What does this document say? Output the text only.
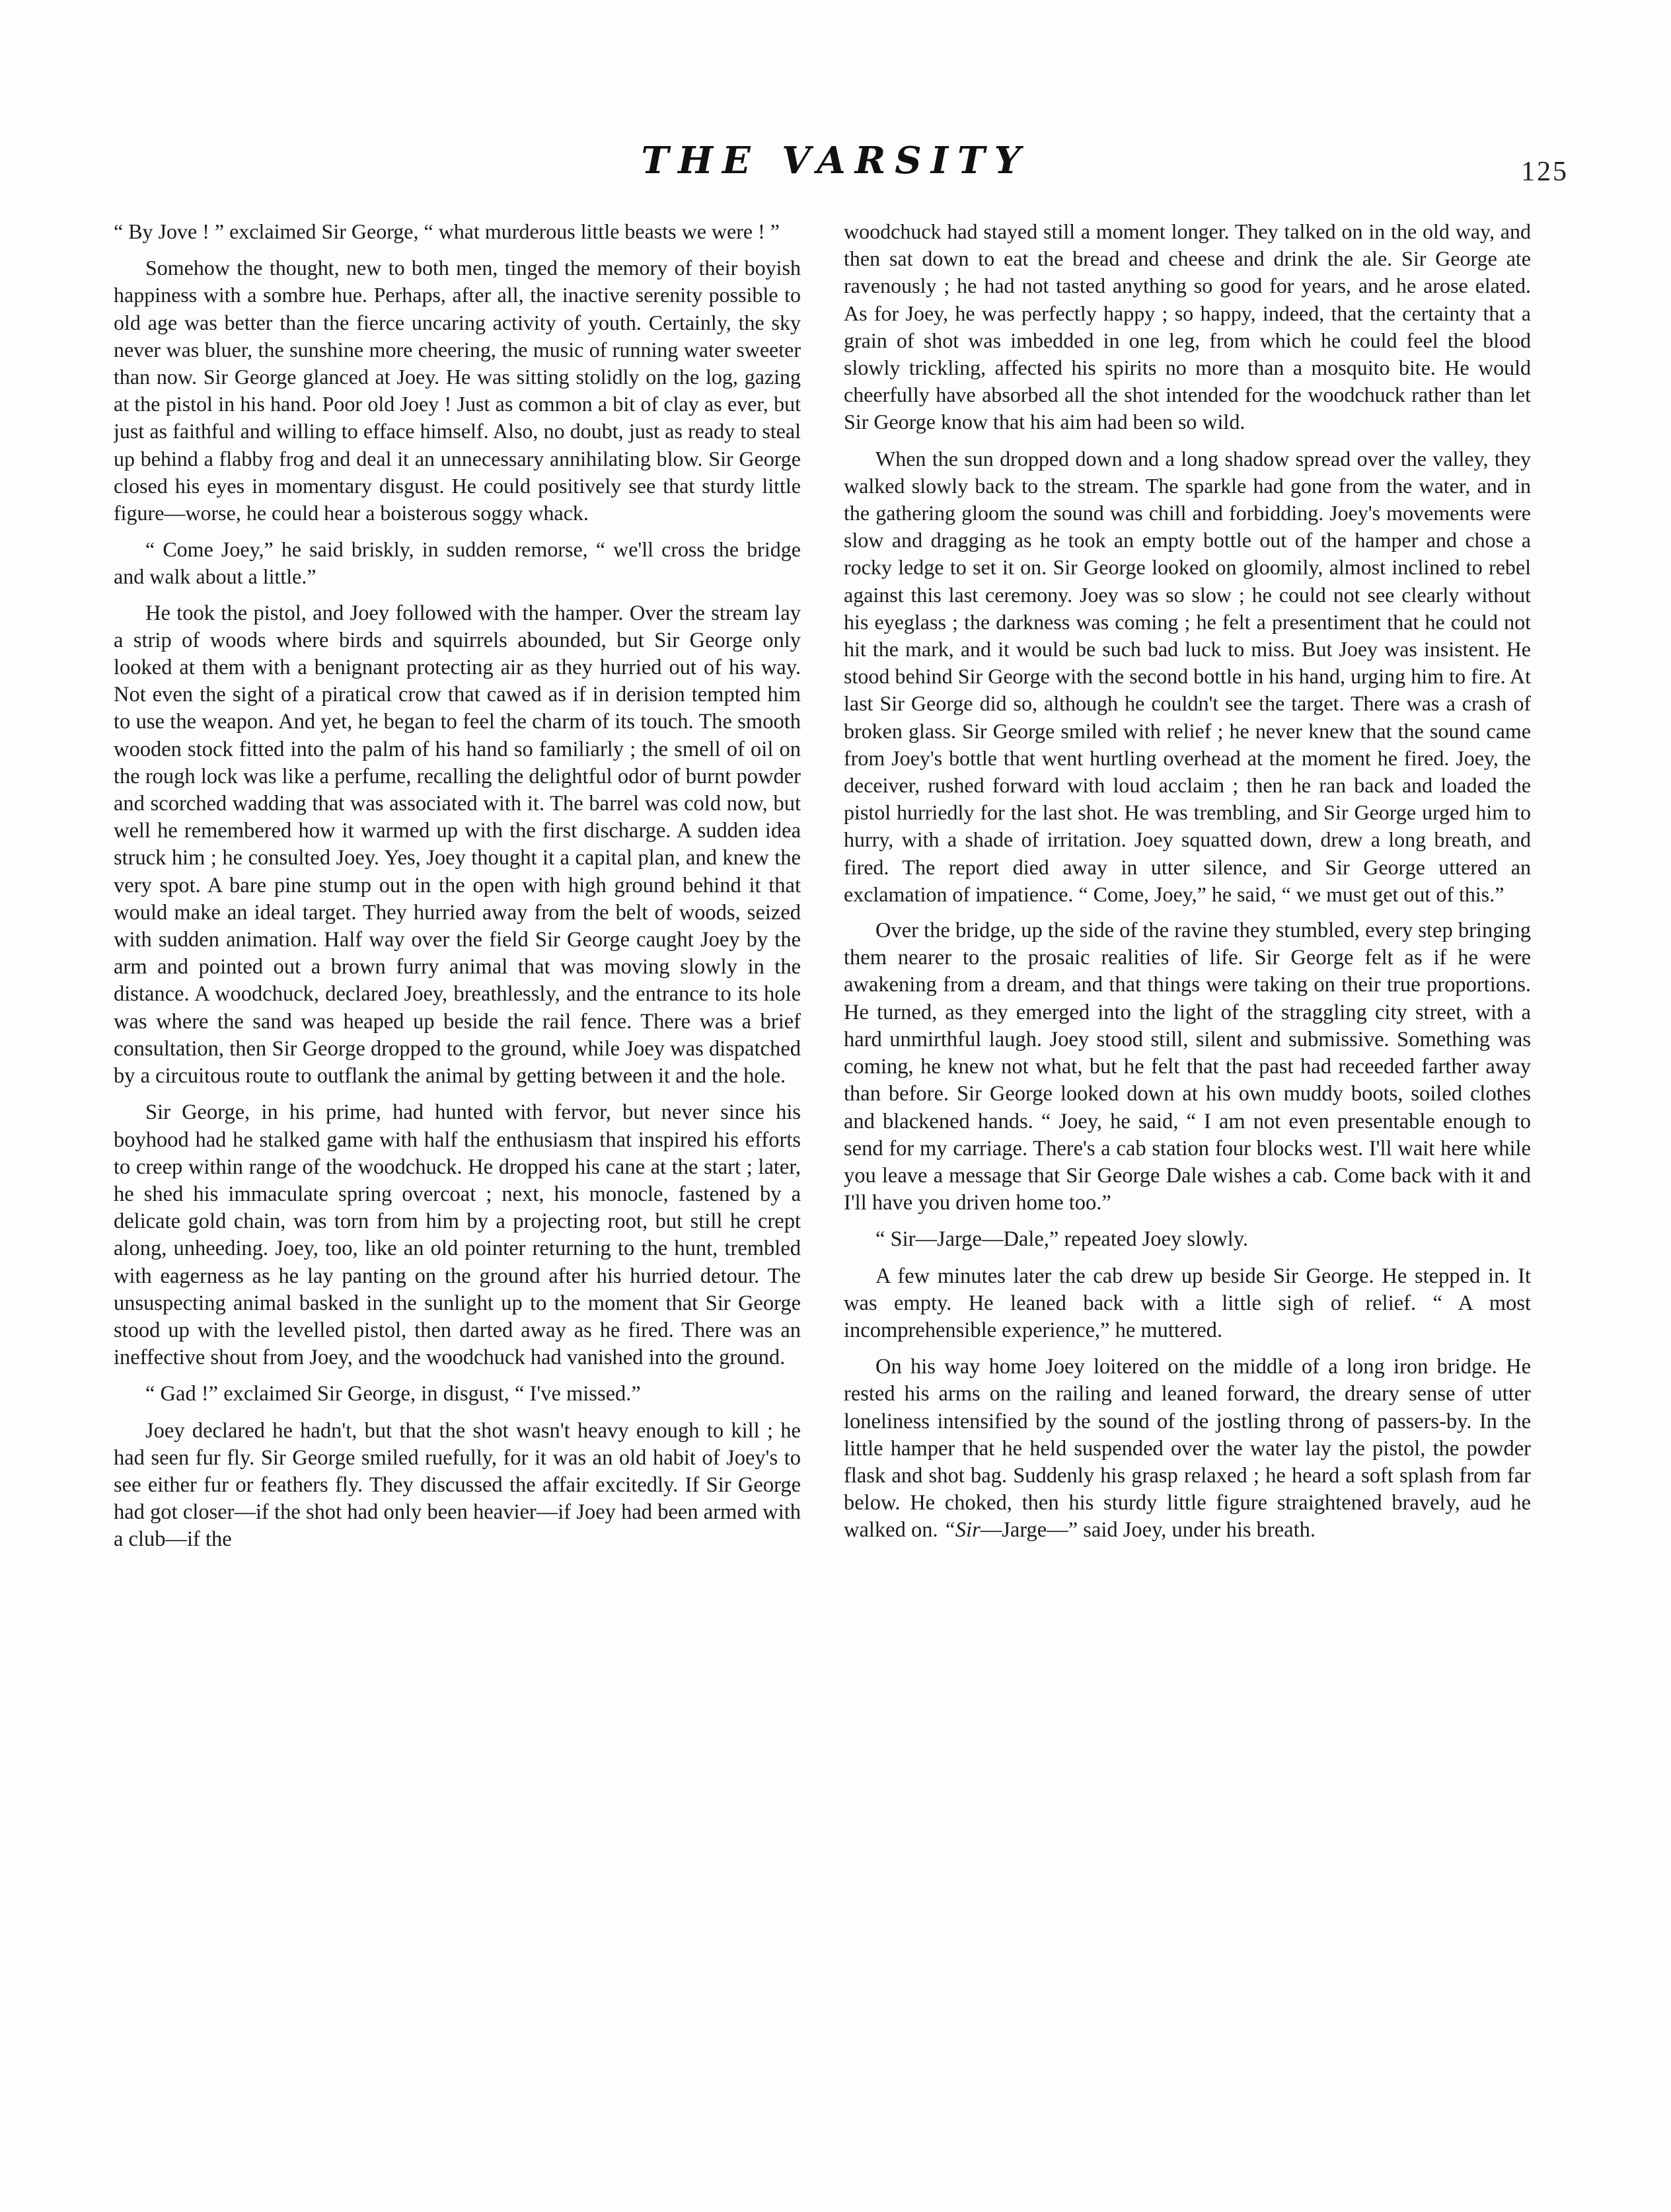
THE VARSITY	125

“ By Jove ! ” exclaimed Sir George, “ what murderous little beasts we were ! ”

Somehow the thought, new to both men, tinged the memory of their boyish happiness with a sombre hue. Perhaps, after all, the inactive serenity possible to old age was better than the fierce uncaring activity of youth. Certainly, the sky never was bluer, the sunshine more cheering, the music of running water sweeter than now. Sir George glanced at Joey. He was sitting stolidly on the log, gazing at the pistol in his hand. Poor old Joey ! Just as common a bit of clay as ever, but just as faithful and willing to efface himself. Also, no doubt, just as ready to steal up behind a flabby frog and deal it an unnecessary annihilating blow. Sir George closed his eyes in momentary disgust. He could positively see that sturdy little figure—worse, he could hear a boisterous soggy whack.

“ Come Joey,” he said briskly, in sudden remorse, “ we'll cross the bridge and walk about a little.”

He took the pistol, and Joey followed with the hamper. Over the stream lay a strip of woods where birds and squirrels abounded, but Sir George only looked at them with a benignant protecting air as they hurried out of his way. Not even the sight of a piratical crow that cawed as if in derision tempted him to use the weapon. And yet, he began to feel the charm of its touch. The smooth wooden stock fitted into the palm of his hand so familiarly ; the smell of oil on the rough lock was like a perfume, recalling the delightful odor of burnt powder and scorched wadding that was associated with it. The barrel was cold now, but well he remembered how it warmed up with the first discharge. A sudden idea struck him ; he consulted Joey. Yes, Joey thought it a capital plan, and knew the very spot. A bare pine stump out in the open with high ground behind it that would make an ideal target. They hurried away from the belt of woods, seized with sudden animation. Half way over the field Sir George caught Joey by the arm and pointed out a brown furry animal that was moving slowly in the distance. A woodchuck, declared Joey, breathlessly, and the entrance to its hole was where the sand was heaped up beside the rail fence. There was a brief consultation, then Sir George dropped to the ground, while Joey was dispatched by a circuitous route to outflank the animal by getting between it and the hole.

Sir George, in his prime, had hunted with fervor, but never since his boyhood had he stalked game with half the enthusiasm that inspired his efforts to creep within range of the woodchuck. He dropped his cane at the start ; later, he shed his immaculate spring overcoat ; next, his monocle, fastened by a delicate gold chain, was torn from him by a projecting root, but still he crept along, unheeding. Joey, too, like an old pointer returning to the hunt, trembled with eagerness as he lay panting on the ground after his hurried detour. The unsuspecting animal basked in the sunlight up to the moment that Sir George stood up with the levelled pistol, then darted away as he fired. There was an ineffective shout from Joey, and the woodchuck had vanished into the ground.

“ Gad !” exclaimed Sir George, in disgust, “ I've missed.”

Joey declared he hadn't, but that the shot wasn't heavy enough to kill ; he had seen fur fly. Sir George smiled ruefully, for it was an old habit of Joey's to see either fur or feathers fly. They discussed the affair excitedly. If Sir George had got closer—if the shot had only been heavier—if Joey had been armed with a club—if the

woodchuck had stayed still a moment longer. They talked on in the old way, and then sat down to eat the bread and cheese and drink the ale. Sir George ate ravenously ; he had not tasted anything so good for years, and he arose elated. As for Joey, he was perfectly happy ; so happy, indeed, that the certainty that a grain of shot was imbedded in one leg, from which he could feel the blood slowly trickling, affected his spirits no more than a mosquito bite. He would cheerfully have absorbed all the shot intended for the woodchuck rather than let Sir George know that his aim had been so wild.

When the sun dropped down and a long shadow spread over the valley, they walked slowly back to the stream. The sparkle had gone from the water, and in the gathering gloom the sound was chill and forbidding. Joey's movements were slow and dragging as he took an empty bottle out of the hamper and chose a rocky ledge to set it on. Sir George looked on gloomily, almost inclined to rebel against this last ceremony. Joey was so slow ; he could not see clearly without his eyeglass ; the darkness was coming ; he felt a presentiment that he could not hit the mark, and it would be such bad luck to miss. But Joey was insistent. He stood behind Sir George with the second bottle in his hand, urging him to fire. At last Sir George did so, although he couldn't see the target. There was a crash of broken glass. Sir George smiled with relief ; he never knew that the sound came from Joey's bottle that went hurtling overhead at the moment he fired. Joey, the deceiver, rushed forward with loud acclaim ; then he ran back and loaded the pistol hurriedly for the last shot. He was trembling, and Sir George urged him to hurry, with a shade of irritation. Joey squatted down, drew a long breath, and fired. The report died away in utter silence, and Sir George uttered an exclamation of impatience. “ Come, Joey,” he said, “ we must get out of this.”

Over the bridge, up the side of the ravine they stumbled, every step bringing them nearer to the prosaic realities of life. Sir George felt as if he were awakening from a dream, and that things were taking on their true proportions. He turned, as they emerged into the light of the straggling city street, with a hard unmirthful laugh. Joey stood still, silent and submissive. Something was coming, he knew not what, but he felt that the past had receeded farther away than before. Sir George looked down at his own muddy boots, soiled clothes and blackened hands. “ Joey, he said, “ I am not even presentable enough to send for my carriage. There's a cab station four blocks west. I'll wait here while you leave a message that Sir George Dale wishes a cab. Come back with it and I'll have you driven home too.”

“ Sir—Jarge—Dale,” repeated Joey slowly.

A few minutes later the cab drew up beside Sir George. He stepped in. It was empty. He leaned back with a little sigh of relief. “ A most incomprehensible experience,” he muttered.

On his way home Joey loitered on the middle of a long iron bridge. He rested his arms on the railing and leaned forward, the dreary sense of utter loneliness intensified by the sound of the jostling throng of passers-by. In the little hamper that he held suspended over the water lay the pistol, the powder flask and shot bag. Suddenly his grasp relaxed ; he heard a soft splash from far below. He choked, then his sturdy little figure straightened bravely, aud he walked on. “Sir—Jarge—” said Joey, under his breath.
